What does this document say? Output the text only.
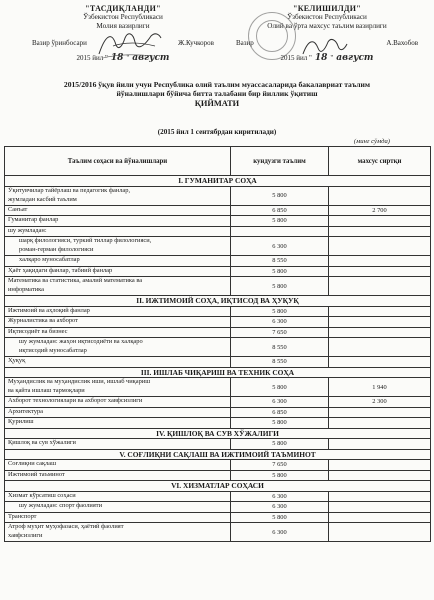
"ТАСДИҚЛАНДИ"
Ўзбекистон Республикаси
Молия вазирлиги
Вазир ўринбосари	Ж.Кучкоров
2015 йил " 18 " август
"КЕЛИШИЛДИ"
Ўзбекистон Республикаси
Олий ва ўрта махсус таълим вазирлиги
Вазир	А.Вахобов
2015 йил " 18 " август
2015/2016 ўқув йили учун Республика олий таълим муассасаларида бакалавриат таълим
йўналишлари бўйича битта талабани бир йиллик ўқитиш
ҚИЙМАТИ
(2015 йил 1 сентябрдан киритилади)
(минг сўмда)
Таълим соҳаси ва йўналишлари	кундузги таълим	махсус сиртқи
I. ГУМАНИТАР СОҲА		

Ўқитувчилар тайёрлаш ва педагогик фанлар,
жумладан касбий таълим	5 800	

Санъат	6 850	2 700

Гуманитар фанлар	5 800	

шу жумладан:		

шарқ филологияси, туркий тиллар филологияси,
роман-герман филологияси	6 300	

халқаро муносабатлар	8 550	

Ҳаёт ҳақидаги фанлар, табиий фанлар	5 800	

Математика ва статистика, амалий математика ва
информатика	5 800	
II. ИЖТИМОИЙ СОҲА, ИҚТИСОД ВА ҲУҚУҚ		

Ижтимоий ва аҳлоқий фанлар	5 800	

Журналистика ва ахборот	6 300	

Иқтисодиёт ва бизнес	7 650	

шу жумладан: жаҳон иқтисодиёти ва халқаро
иқтисодий муносабатлар	8 550	

Ҳуқуқ	8 550	
III. ИШЛАБ ЧИҚАРИШ ВА ТЕХНИК СОҲА		

Муҳандислик ва муҳандислик иши, ишлаб чиқариш
ва қайта ишлаш тармоқлари	5 800	1 940

Ахборот технологиялари ва ахборот хавфсизлиги	6 300	2 300

Архитектура	6 850	

Қурилиш	5 800	
IV. ҚИШЛОҚ ВА СУВ ХЎЖАЛИГИ		

Қишлоқ ва сув хўжалиги	5 800	
V. СОҒЛИҚНИ САҚЛАШ ВА ИЖТИМОИЙ ТАЪМИНОТ		

Соғлиқни сақлаш	7 650	

Ижтимоий таъминот	5 800	
VI. ХИЗМАТЛАР СОҲАСИ		

Хизмат кўрсатиш соҳаси	6 300	

шу жумладан: спорт фаолияти	6 300	

Транспорт	5 800	

Атроф муҳит муҳофазаси, ҳаётий фаолият
хавфсизлиги	6 300	
